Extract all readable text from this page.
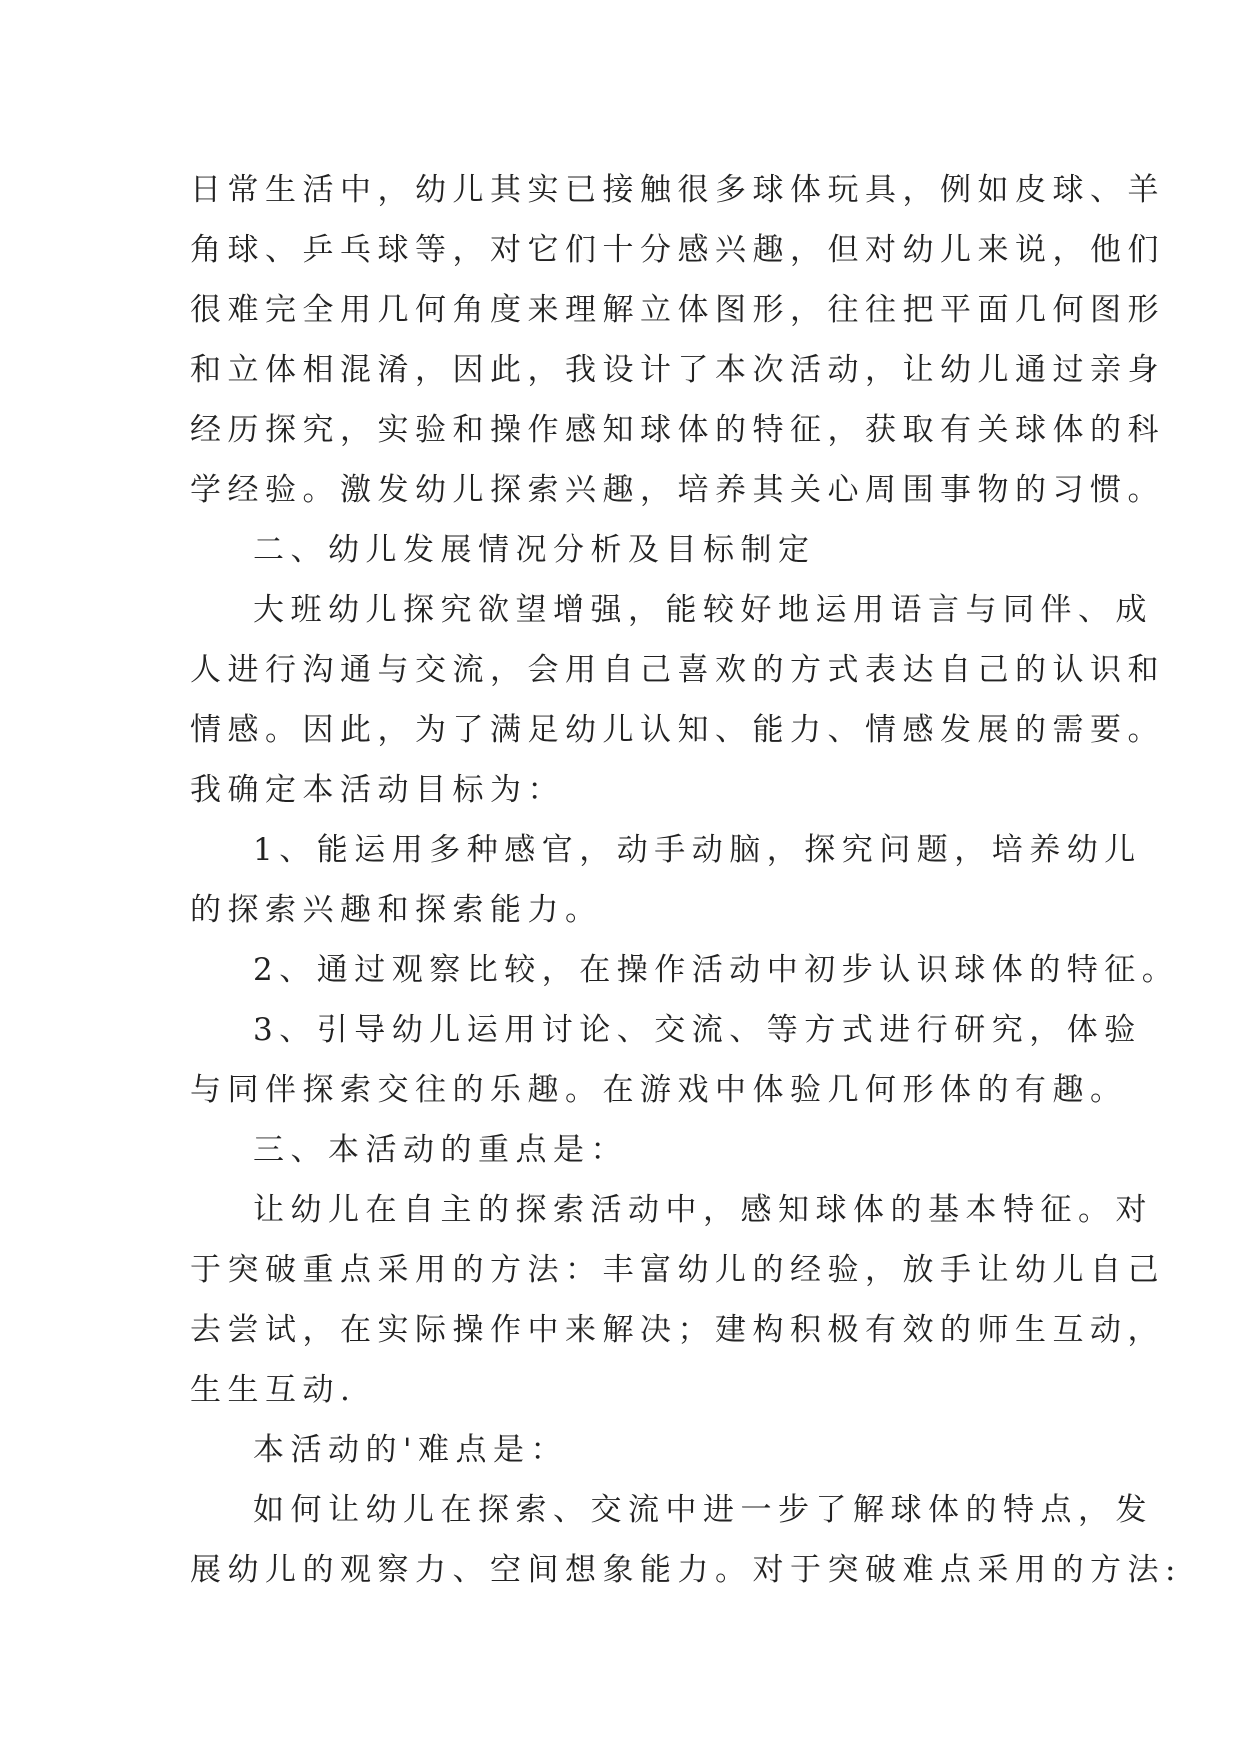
日常生活中，幼儿其实已接触很多球体玩具，例如皮球、羊
角球、乒乓球等，对它们十分感兴趣，但对幼儿来说，他们
很难完全用几何角度来理解立体图形，往往把平面几何图形
和立体相混淆，因此，我设计了本次活动，让幼儿通过亲身
经历探究，实验和操作感知球体的特征，获取有关球体的科
学经验。激发幼儿探索兴趣，培养其关心周围事物的习惯。
二、幼儿发展情况分析及目标制定
大班幼儿探究欲望增强，能较好地运用语言与同伴、成
人进行沟通与交流，会用自己喜欢的方式表达自己的认识和
情感。因此，为了满足幼儿认知、能力、情感发展的需要。
我确定本活动目标为：
1、能运用多种感官，动手动脑，探究问题，培养幼儿
的探索兴趣和探索能力。
2、通过观察比较，在操作活动中初步认识球体的特征。
3、引导幼儿运用讨论、交流、等方式进行研究，体验
与同伴探索交往的乐趣。在游戏中体验几何形体的有趣。
三、本活动的重点是：
让幼儿在自主的探索活动中，感知球体的基本特征。对
于突破重点采用的方法：丰富幼儿的经验，放手让幼儿自己
去尝试，在实际操作中来解决；建构积极有效的师生互动，
生生互动.
本活动的'难点是：
如何让幼儿在探索、交流中进一步了解球体的特点，发
展幼儿的观察力、空间想象能力。对于突破难点采用的方法:
